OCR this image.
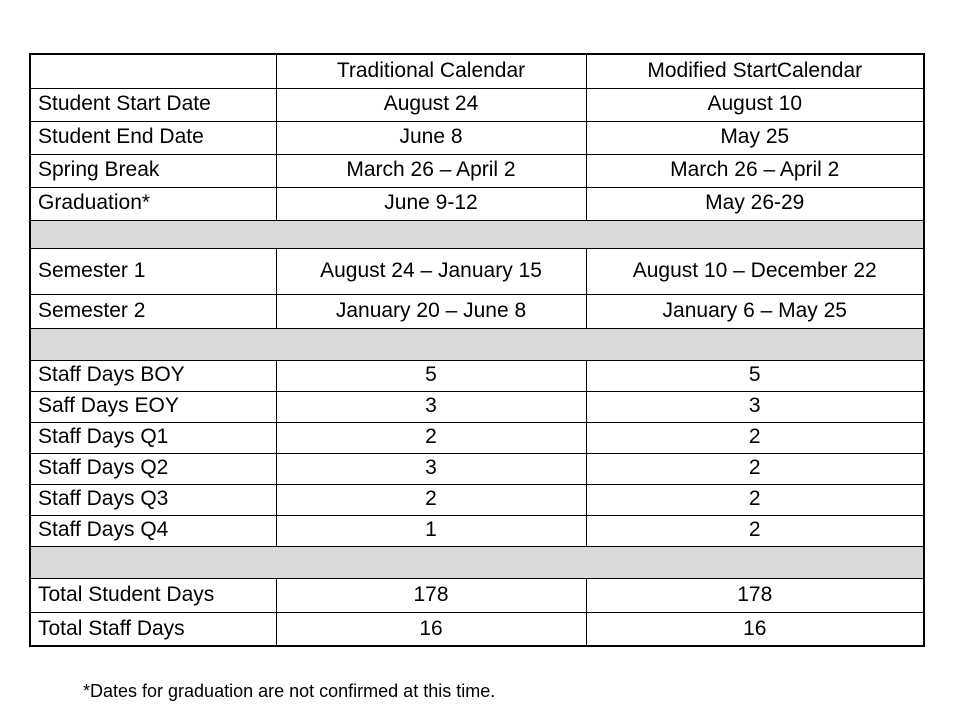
	Traditional Calendar	Modified StartCalendar
Student Start Date	August 24	August 10
Student End Date	June 8	May 25
Spring Break	March 26 – April 2	March 26 – April 2
Graduation*	June 9-12	May 26-29

Semester 1	August 24 – January 15	August 10 – December 22
Semester 2	January 20 – June 8	January 6 – May 25

Staff Days BOY	5	5
Saff Days EOY	3	3
Staff Days Q1	2	2
Staff Days Q2	3	2
Staff Days Q3	2	2
Staff Days Q4	1	2

Total Student Days	178	178
Total Staff Days	16	16
*Dates for graduation are not confirmed at this time.
